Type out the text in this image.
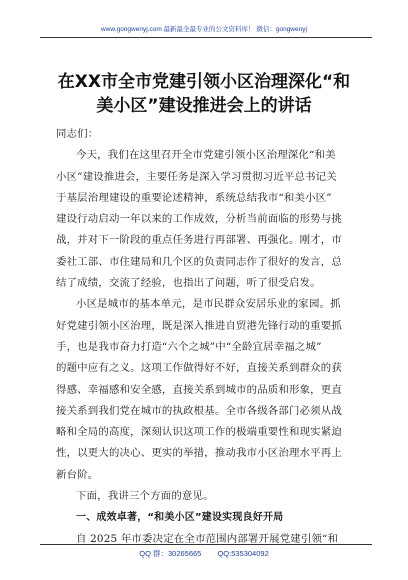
www.gongwenyj.com 最新最全最专业的公文资料库！ 微信：gongwenyj
在XX市全市党建引领小区治理深化“和
美小区”建设推进会上的讲话
同志们：
今天，我们在这里召开全市党建引领小区治理深化“和美
小区”建设推进会，主要任务是深入学习贯彻习近平总书记关
于基层治理建设的重要论述精神，系统总结我市“和美小区”
建设行动启动一年以来的工作成效，分析当前面临的形势与挑
战，并对下一阶段的重点任务进行再部署、再强化。刚才，市
委社工部、市住建局和几个区的负责同志作了很好的发言，总
结了成绩，交流了经验，也指出了问题，听了很受启发。
小区是城市的基本单元，是市民群众安居乐业的家园。抓
好党建引领小区治理，既是深入推进自贸港先锋行动的重要抓
手，也是我市奋力打造“六个之城”中“全龄宜居幸福之城”
的题中应有之义。这项工作做得好不好，直接关系到群众的获
得感、幸福感和安全感，直接关系到城市的品质和形象，更直
接关系到我们党在城市的执政根基。全市各级各部门必须从战
略和全局的高度，深刻认识这项工作的极端重要性和现实紧迫
性，以更大的决心、更实的举措，推动我市小区治理水平再上
新台阶。
下面，我讲三个方面的意见。
一、成效卓著，“和美小区”建设实现良好开局
自 2025 年市委决定在全市范围内部署开展党建引领“和
QQ 群：30265665 QQ:535304092
